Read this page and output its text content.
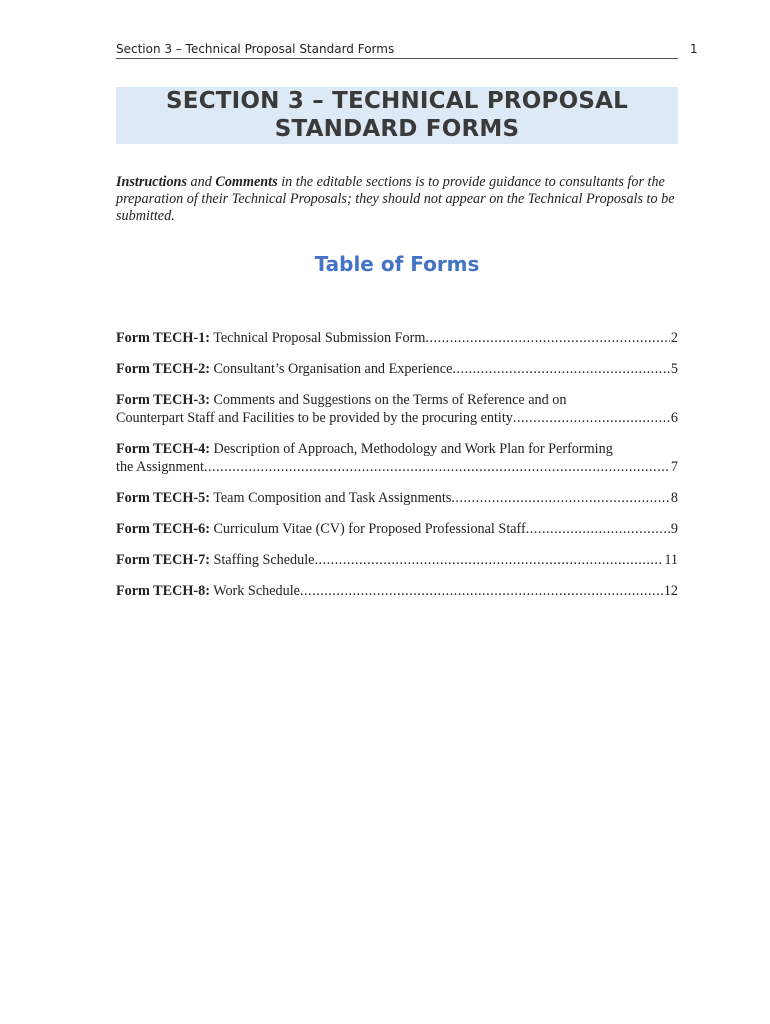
Section 3 – Technical Proposal Standard Forms	1
SECTION 3 – TECHNICAL PROPOSAL
STANDARD FORMS
Instructions and Comments in the editable sections is to provide guidance to consultants for the preparation of their Technical Proposals; they should not appear on the Technical Proposals to be submitted.
Table of Forms
Form TECH-1: Technical Proposal Submission Form .....	2
Form TECH-2: Consultant’s Organisation and Experience .....	5
Form TECH-3: Comments and Suggestions on the Terms of Reference and on
Counterpart Staff and Facilities to be provided by the procuring entity .....	6
Form TECH-4: Description of Approach, Methodology and Work Plan for Performing
the Assignment .....	7
Form TECH-5: Team Composition and Task Assignments .....	8
Form TECH-6: Curriculum Vitae (CV) for Proposed Professional Staff .....	9
Form TECH-7: Staffing Schedule .....	11
Form TECH-8: Work Schedule .....	12
